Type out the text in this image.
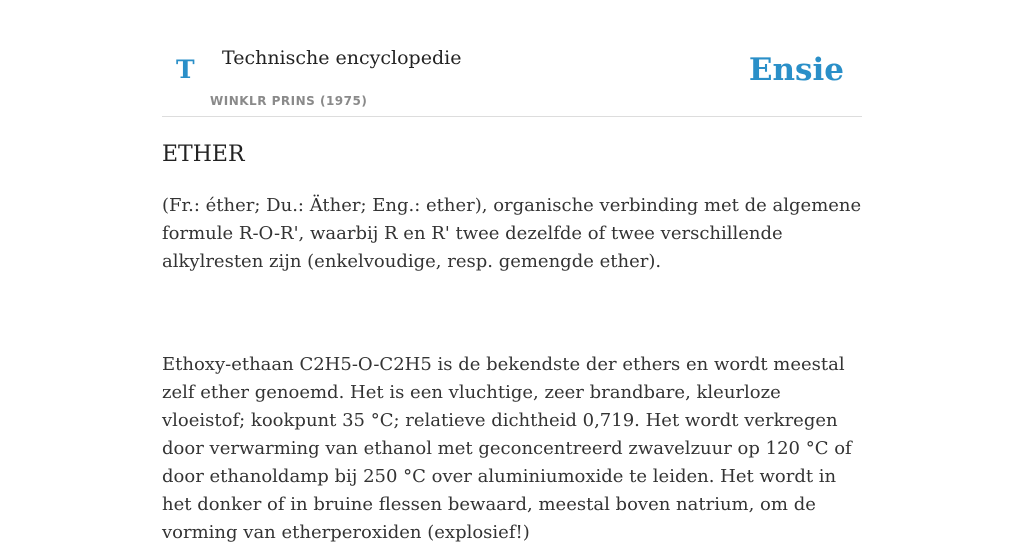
T Technische encyclopedie
WINKLR PRINS (1975)
Ensie
ETHER

(Fr.: éther; Du.: Äther; Eng.: ether), organische verbinding met de algemene formule R-O-R', waarbij R en R' twee dezelfde of twee verschillende alkylresten zijn (enkelvoudige, resp. gemengde ether).

Ethoxy-ethaan C2H5-O-C2H5 is de bekendste der ethers en wordt meestal zelf ether genoemd. Het is een vluchtige, zeer brandbare, kleurloze vloeistof; kookpunt 35 °C; relatieve dichtheid 0,719. Het wordt verkregen door verwarming van ethanol met geconcentreerd zwavelzuur op 120 °C of door ethanoldamp bij 250 °C over aluminiumoxide te leiden. Het wordt in het donker of in bruine flessen bewaard, meestal boven natrium, om de vorming van etherperoxiden (explosief!)
